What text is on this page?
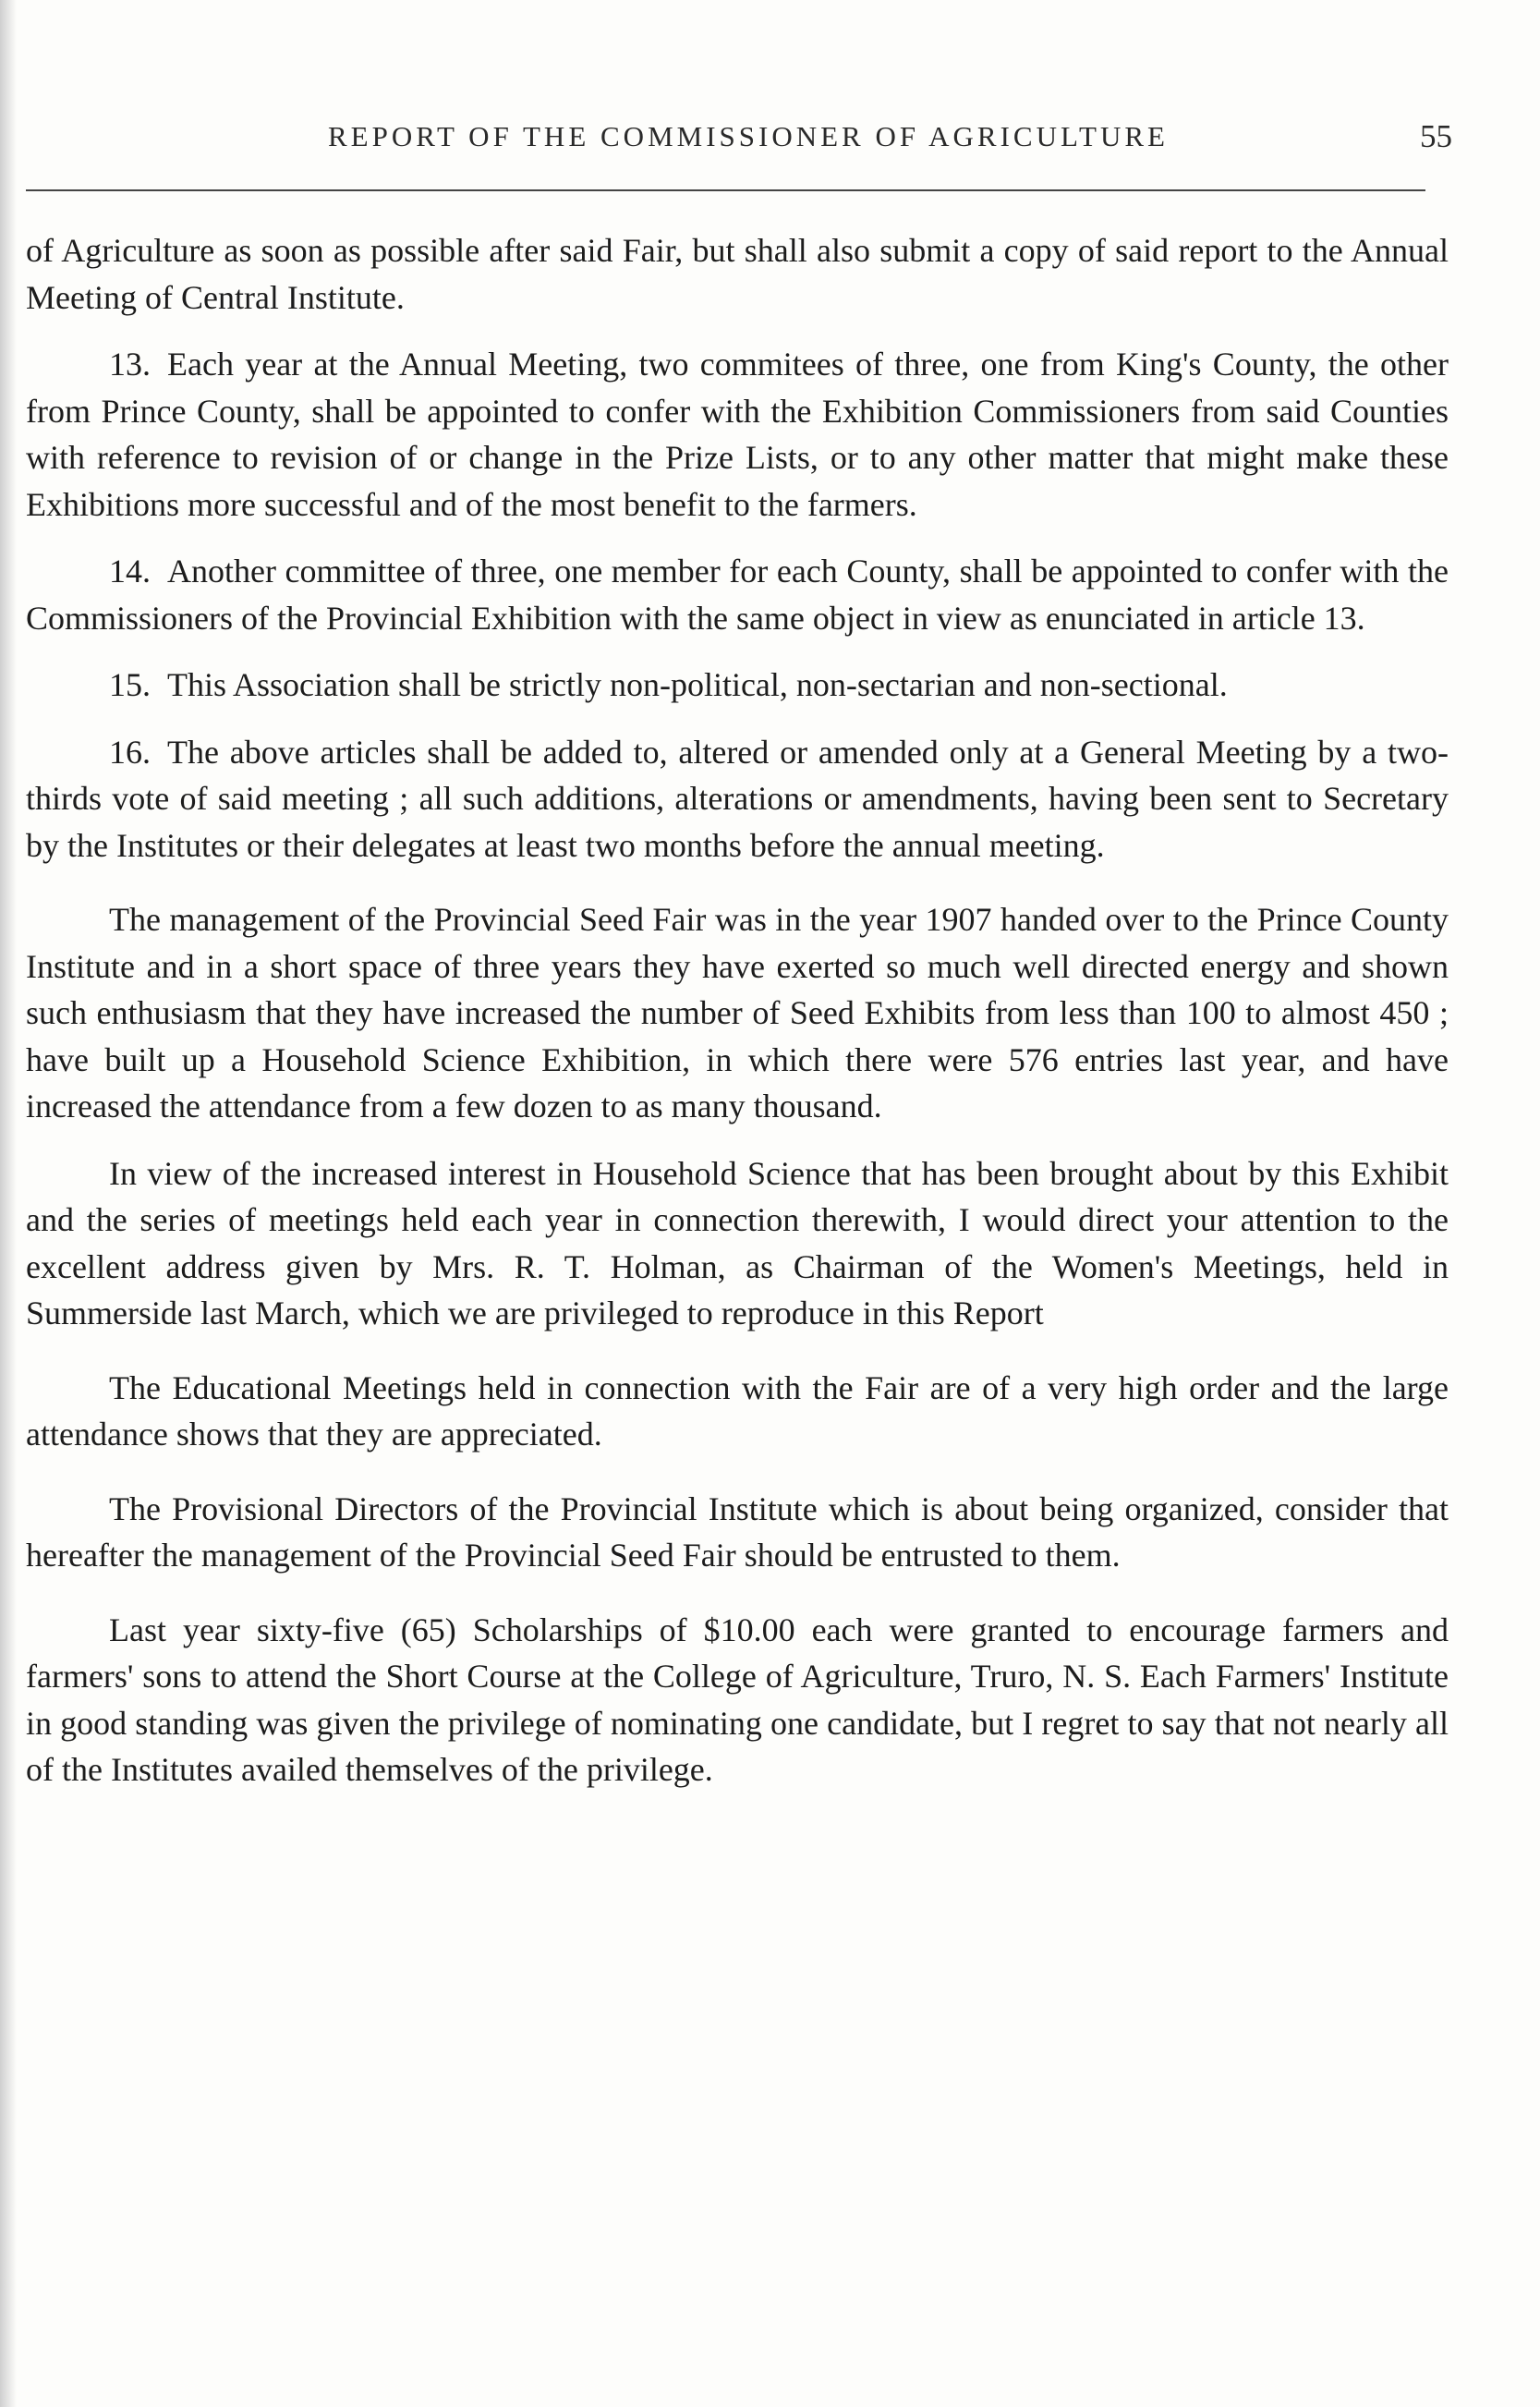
REPORT OF THE COMMISSIONER OF AGRICULTURE	55

of Agriculture as soon as possible after said Fair, but shall also submit a copy of said report to the Annual Meeting of Central Institute.

13. Each year at the Annual Meeting, two commitees of three, one from King's County, the other from Prince County, shall be appointed to confer with the Exhibition Commissioners from said Counties with reference to revision of or change in the Prize Lists, or to any other matter that might make these Exhibitions more successful and of the most benefit to the farmers.

14. Another committee of three, one member for each County, shall be appointed to confer with the Commissioners of the Provincial Exhibition with the same object in view as enunciated in article 13.

15. This Association shall be strictly non-political, non-sectarian and non-sectional.

16. The above articles shall be added to, altered or amended only at a General Meeting by a two-thirds vote of said meeting ; all such additions, alterations or amendments, having been sent to Secretary by the Institutes or their delegates at least two months before the annual meeting.

The management of the Provincial Seed Fair was in the year 1907 handed over to the Prince County Institute and in a short space of three years they have exerted so much well directed energy and shown such enthusiasm that they have increased the number of Seed Exhibits from less than 100 to almost 450 ; have built up a Household Science Exhibition, in which there were 576 entries last year, and have increased the attendance from a few dozen to as many thousand.

In view of the increased interest in Household Science that has been brought about by this Exhibit and the series of meetings held each year in connection therewith, I would direct your attention to the excellent address given by Mrs. R. T. Holman, as Chairman of the Women's Meetings, held in Summerside last March, which we are privileged to reproduce in this Report

The Educational Meetings held in connection with the Fair are of a very high order and the large attendance shows that they are appreciated.

The Provisional Directors of the Provincial Institute which is about being organized, consider that hereafter the management of the Provincial Seed Fair should be entrusted to them.

Last year sixty-five (65) Scholarships of $10.00 each were granted to encourage farmers and farmers' sons to attend the Short Course at the College of Agriculture, Truro, N. S. Each Farmers' Institute in good standing was given the privilege of nominating one candidate, but I regret to say that not nearly all of the Institutes availed themselves of the privilege.
